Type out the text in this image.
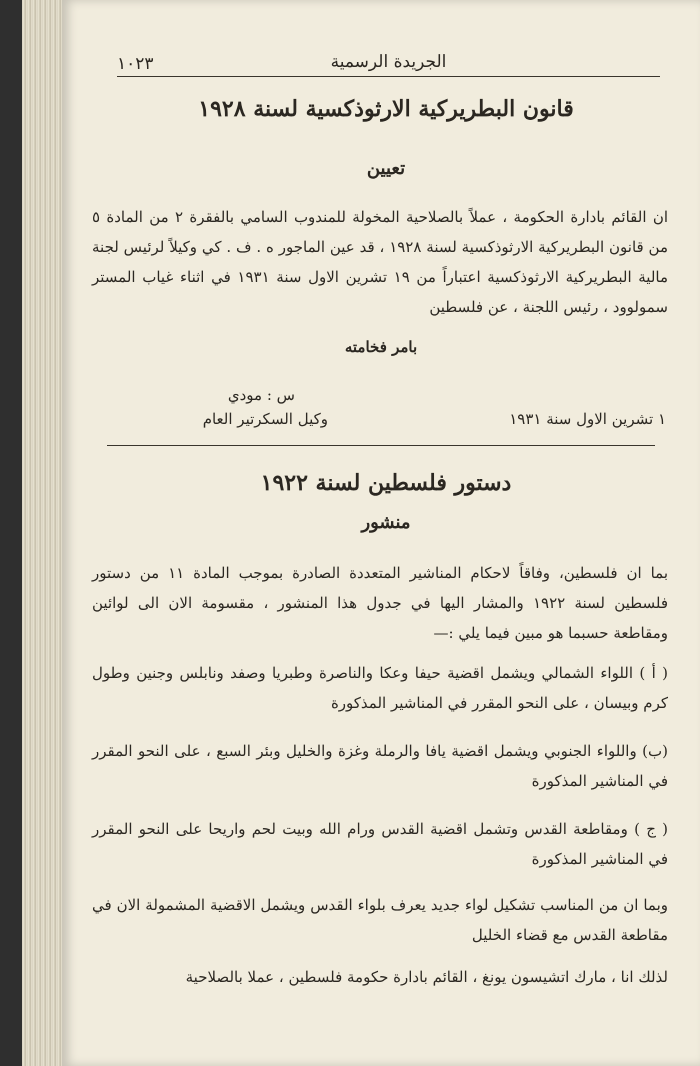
١٠٢٣	الجريدة الرسمية
قانون البطريركية الارثوذكسية لسنة ١٩٢٨
تعيين
ان القائم بادارة الحكومة ، عملاً بالصلاحية المخولة للمندوب السامي بالفقرة ٢ من المادة ٥ من قانون البطريركية الارثوذكسية لسنة ١٩٢٨ ، قد عين الماجور ه . ف . كي وكيلاً لرئيس لجنة مالية البطريركية الارثوذكسية اعتباراً من ١٩ تشرين الاول سنة ١٩٣١ في اثناء غياب المستر سمولوود ، رئيس اللجنة ، عن فلسطين
بامر فخامته
س : مودي
وكيل السكرتير العام	١ تشرين الاول سنة ١٩٣١
دستور فلسطين لسنة ١٩٢٢
منشور
بما ان فلسطين، وفاقاً لاحكام المناشير المتعددة الصادرة بموجب المادة ١١ من دستور فلسطين لسنة ١٩٢٢ والمشار اليها في جدول هذا المنشور ، مقسومة الان الى لوائين ومقاطعة حسبما هو مبين فيما يلي :—
( أ ) اللواء الشمالي ويشمل اقضية حيفا وعكا والناصرة وطبريا وصفد ونابلس وجنين وطول كرم وبيسان ، على النحو المقرر في المناشير المذكورة
(ب) واللواء الجنوبي ويشمل اقضية يافا والرملة وغزة والخليل وبئر السبع ، على النحو المقرر في المناشير المذكورة
( ج ) ومقاطعة القدس وتشمل اقضية القدس ورام الله وبيت لحم واريحا على النحو المقرر في المناشير المذكورة
وبما ان من المناسب تشكيل لواء جديد يعرف بلواء القدس ويشمل الاقضية المشمولة الان في مقاطعة القدس مع قضاء الخليل
لذلك انا ، مارك اتشيسون يونغ ، القائم بادارة حكومة فلسطين ، عملا بالصلاحية
